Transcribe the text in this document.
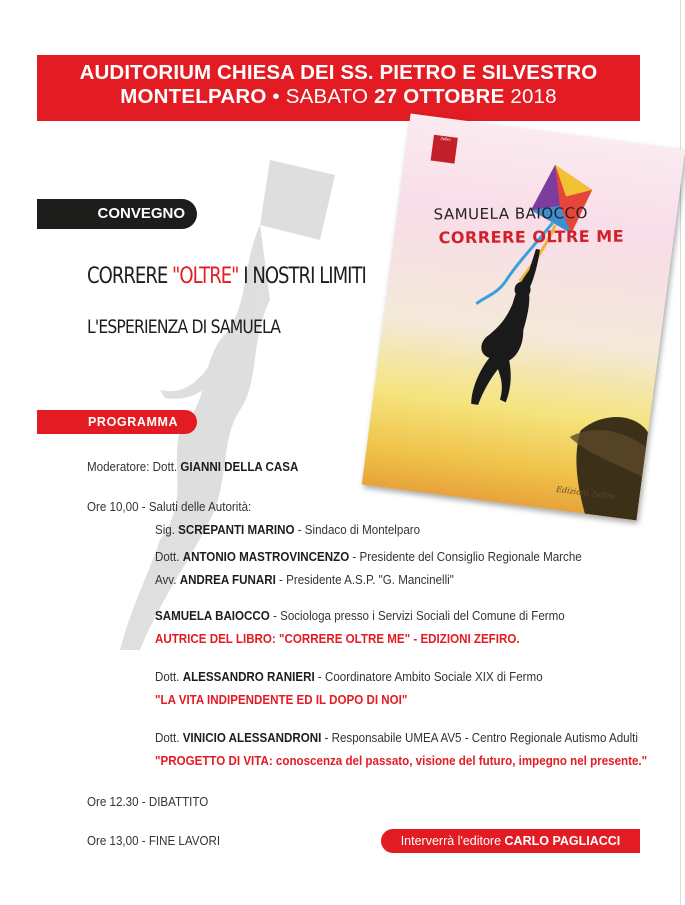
AUDITORIUM CHIESA DEI SS. PIETRO E SILVESTRO
MONTELPARO • SABATO 27 OTTOBRE 2018
CONVEGNO
CORRERE "OLTRE" I NOSTRI LIMITI
L'ESPERIENZA DI SAMUELA
Zefiro
SAMUELA BAIOCCO
CORRERE OLTRE ME
Edizioni Zefiro
PROGRAMMA
Moderatore: Dott. GIANNI DELLA CASA
Ore 10,00 - Saluti delle Autorità:
Sig. SCREPANTI MARINO - Sindaco di Montelparo
Dott. ANTONIO MASTROVINCENZO - Presidente del Consiglio Regionale Marche
Avv. ANDREA FUNARI - Presidente A.S.P. "G. Mancinelli"
SAMUELA BAIOCCO - Sociologa presso i Servizi Sociali del Comune di Fermo
AUTRICE DEL LIBRO: "CORRERE OLTRE ME" - EDIZIONI ZEFIRO.
Dott. ALESSANDRO RANIERI - Coordinatore Ambito Sociale XIX di Fermo
"LA VITA INDIPENDENTE ED IL DOPO DI NOI"
Dott. VINICIO ALESSANDRONI - Responsabile UMEA AV5 - Centro Regionale Autismo Adulti
"PROGETTO DI VITA: conoscenza del passato, visione del futuro, impegno nel presente."
Ore 12.30 - DIBATTITO
Ore 13,00 - FINE LAVORI	Interverrà l'editore CARLO PAGLIACCI
